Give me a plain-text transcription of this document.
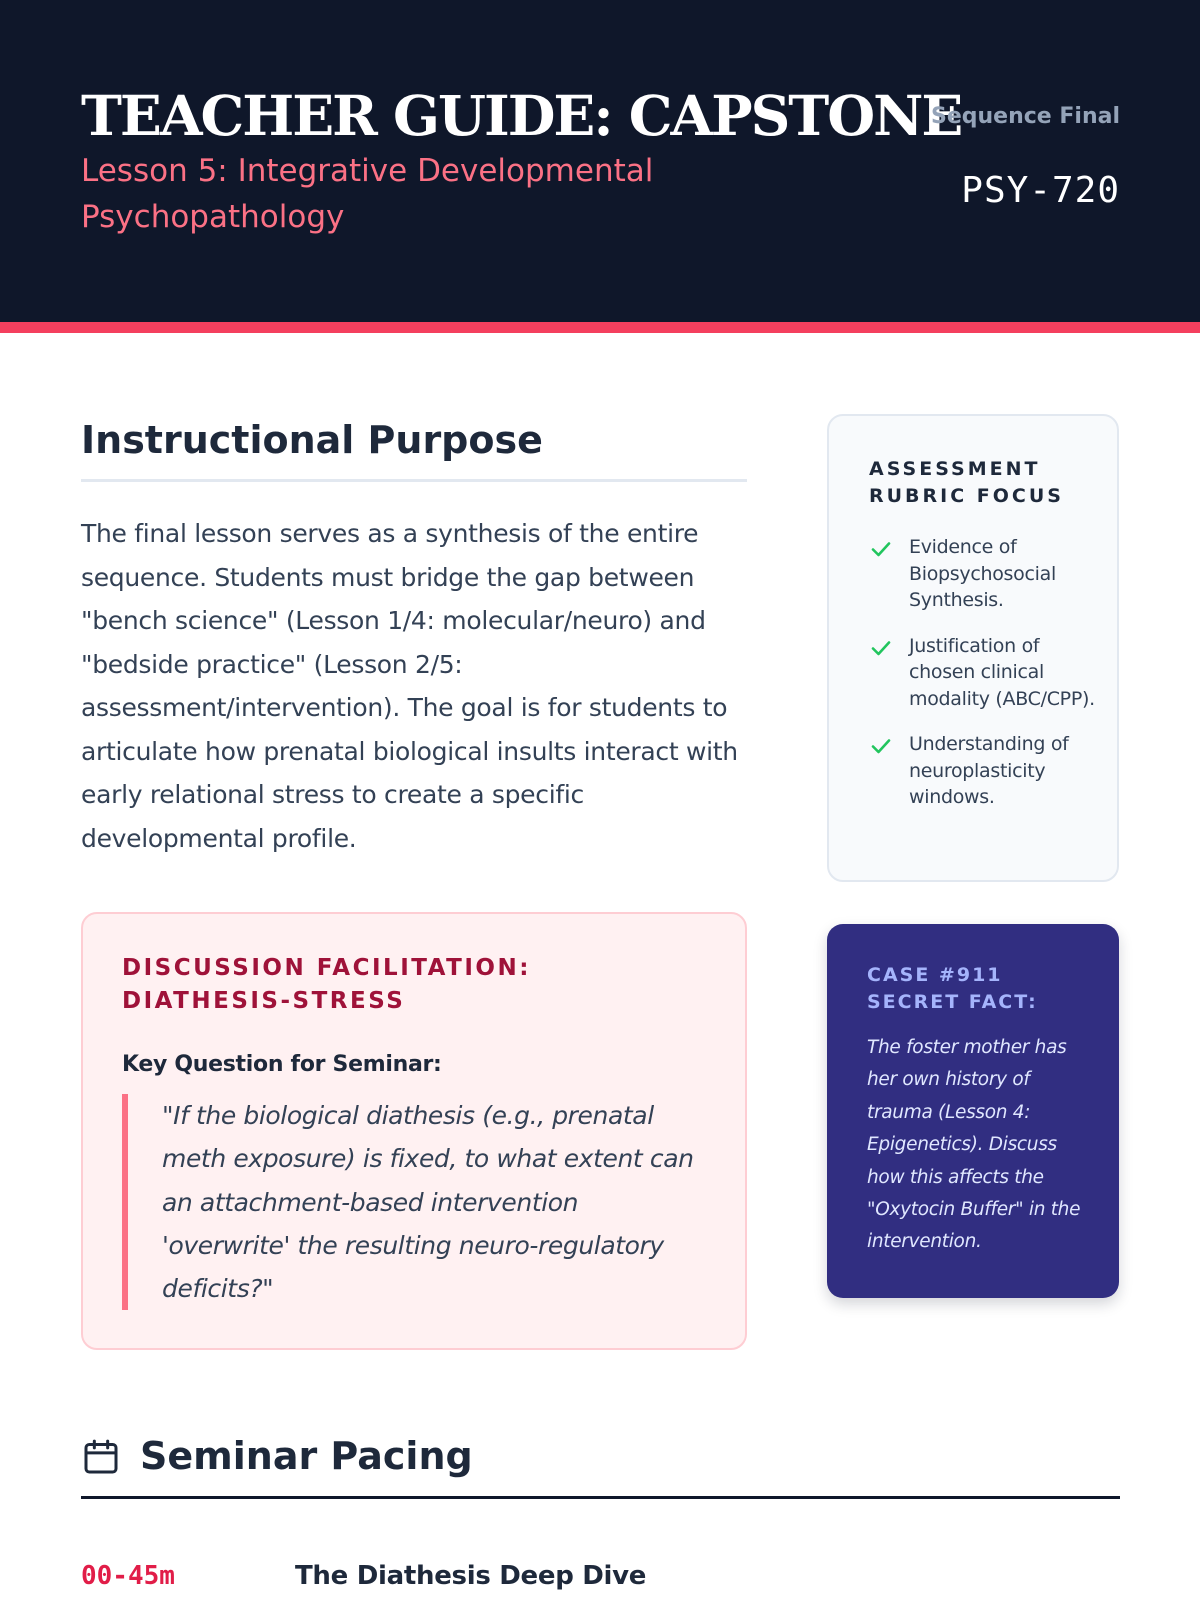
TEACHER GUIDE: CAPSTONE
Lesson 5: Integrative Developmental Psychopathology
Sequence Final
PSY-720
Instructional Purpose

The final lesson serves as a synthesis of the entire sequence. Students must bridge the gap between "bench science" (Lesson 1/4: molecular/neuro) and "bedside practice" (Lesson 2/5: assessment/intervention). The goal is for students to articulate how prenatal biological insults interact with early relational stress to create a specific developmental profile.

ASSESSMENT RUBRIC FOCUS
Evidence of Biopsychosocial Synthesis.
Justification of chosen clinical modality (ABC/CPP).
Understanding of neuroplasticity windows.
DISCUSSION FACILITATION: DIATHESIS-STRESS
Key Question for Seminar:
"If the biological diathesis (e.g., prenatal meth exposure) is fixed, to what extent can an attachment-based intervention 'overwrite' the resulting neuro-regulatory deficits?"
CASE #911 SECRET FACT:

The foster mother has her own history of trauma (Lesson 4: Epigenetics). Discuss how this affects the "Oxytocin Buffer" in the intervention.

Seminar Pacing
00-45m	The Diathesis Deep Dive
